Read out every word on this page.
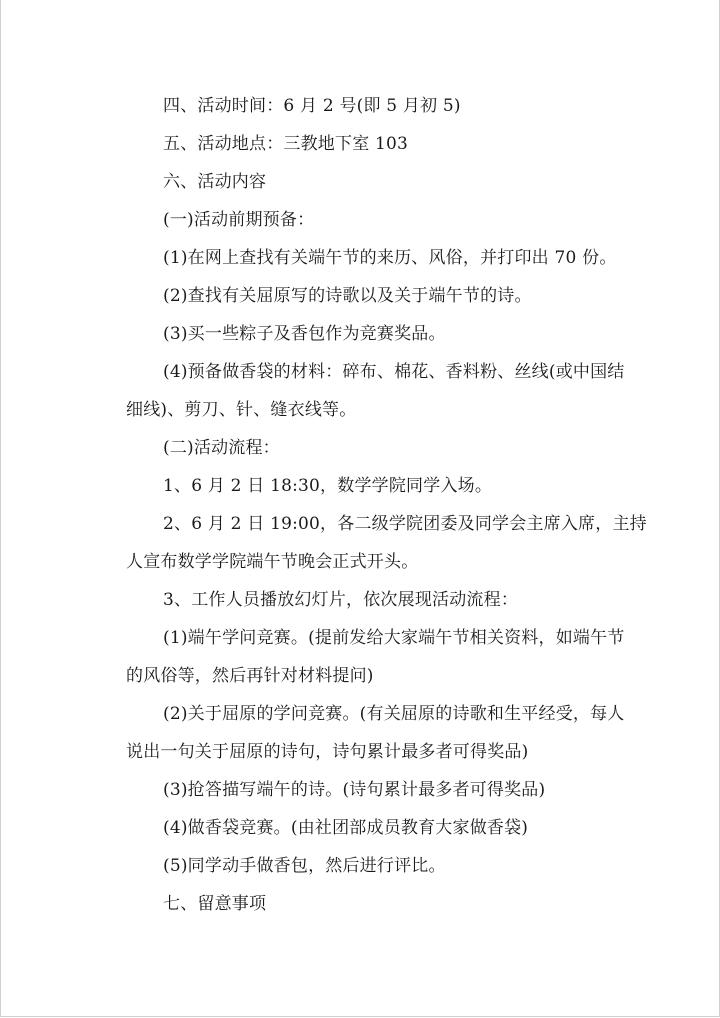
四、活动时间：6 月 2 号(即 5 月初 5)
五、活动地点：三教地下室 103
六、活动内容
(一)活动前期预备：
(1)在网上查找有关端午节的来历、风俗，并打印出 70 份。
(2)查找有关屈原写的诗歌以及关于端午节的诗。
(3)买一些粽子及香包作为竞赛奖品。
(4)预备做香袋的材料：碎布、棉花、香料粉、丝线(或中国结
细线)、剪刀、针、缝衣线等。
(二)活动流程：
1、6 月 2 日 18:30，数学学院同学入场。
2、6 月 2 日 19:00，各二级学院团委及同学会主席入席，主持
人宣布数学学院端午节晚会正式开头。
3、工作人员播放幻灯片，依次展现活动流程：
(1)端午学问竞赛。(提前发给大家端午节相关资料，如端午节
的风俗等，然后再针对材料提问)
(2)关于屈原的学问竞赛。(有关屈原的诗歌和生平经受，每人
说出一句关于屈原的诗句，诗句累计最多者可得奖品)
(3)抢答描写端午的诗。(诗句累计最多者可得奖品)
(4)做香袋竞赛。(由社团部成员教育大家做香袋)
(5)同学动手做香包，然后进行评比。
七、留意事项
